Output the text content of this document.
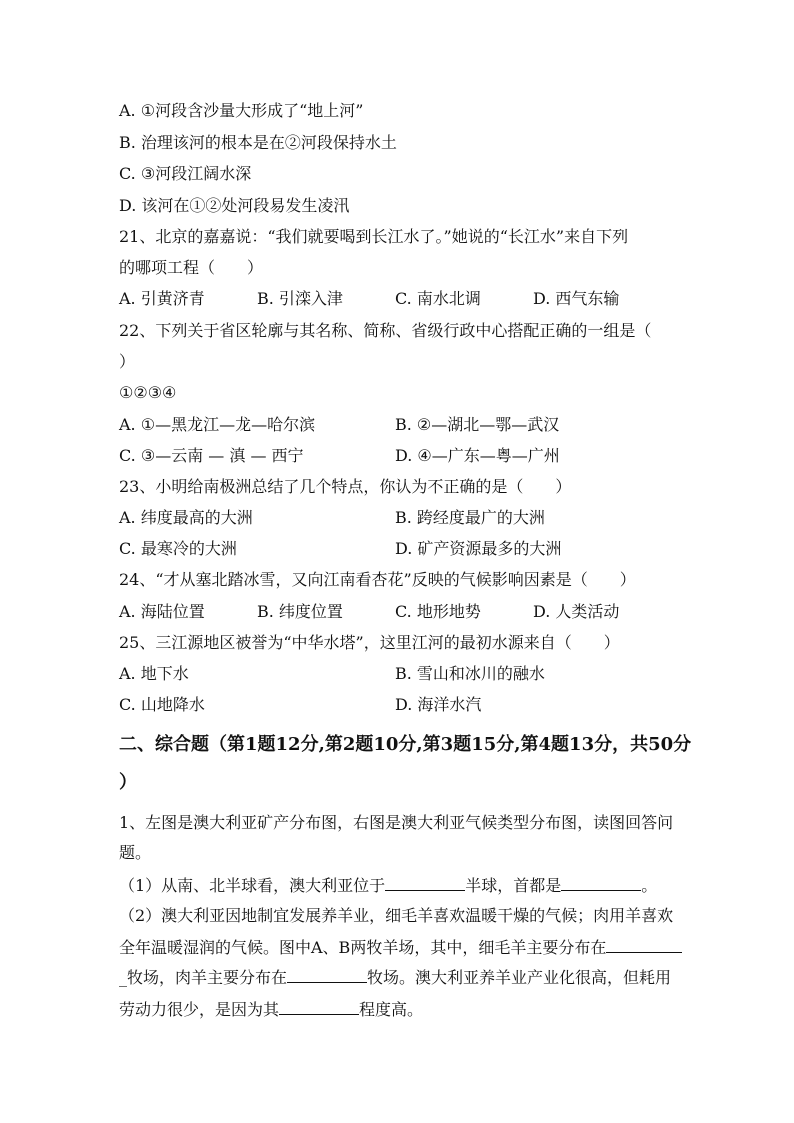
A. ①河段含沙量大形成了“地上河”
B. 治理该河的根本是在②河段保持水土
C. ③河段江阔水深
D. 该河在①②处河段易发生凌汛
21、北京的嘉嘉说：“我们就要喝到长江水了。”她说的“长江水”来自下列
的哪项工程（　　）
A. 引黄济青	B. 引滦入津	C. 南水北调	D. 西气东输
22、下列关于省区轮廓与其名称、简称、省级行政中心搭配正确的一组是（
）
①②③④
A. ①—黑龙江—龙—哈尔滨	B. ②—湖北—鄂—武汉
C. ③—云南 — 滇 — 西宁	D. ④—广东—粤—广州
23、小明给南极洲总结了几个特点，你认为不正确的是（　　）
A. 纬度最高的大洲	B. 跨经度最广的大洲
C. 最寒冷的大洲	D. 矿产资源最多的大洲
24、“才从塞北踏冰雪，又向江南看杏花”反映的气候影响因素是（　　）
A. 海陆位置	B. 纬度位置	C. 地形地势	D. 人类活动
25、三江源地区被誉为“中华水塔”，这里江河的最初水源来自（　　）
A. 地下水	B. 雪山和冰川的融水
C. 山地降水	D. 海洋水汽
二、综合题（第1题12分,第2题10分,第3题15分,第4题13分，共50分
）
1、左图是澳大利亚矿产分布图，右图是澳大利亚气候类型分布图，读图回答问
题。
（1）从南、北半球看，澳大利亚位于	半球，首都是	。
（2）澳大利亚因地制宜发展养羊业，细毛羊喜欢温暖干燥的气候；肉用羊喜欢
全年温暖湿润的气候。图中A、B两牧羊场，其中，细毛羊主要分布在
_牧场，肉羊主要分布在	牧场。澳大利亚养羊业产业化很高，但耗用
劳动力很少，是因为其	程度高。
